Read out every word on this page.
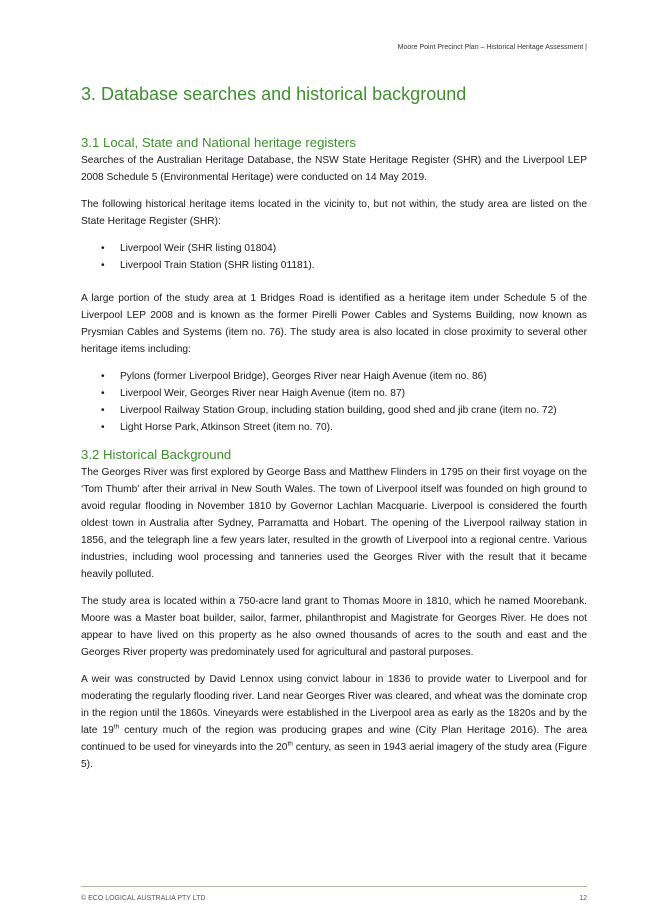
Moore Point Precinct Plan – Historical Heritage Assessment |
3. Database searches and historical background
3.1 Local, State and National heritage registers

Searches of the Australian Heritage Database, the NSW State Heritage Register (SHR) and the Liverpool LEP 2008 Schedule 5 (Environmental Heritage) were conducted on 14 May 2019.

The following historical heritage items located in the vicinity to, but not within, the study area are listed on the State Heritage Register (SHR):

• Liverpool Weir (SHR listing 01804)
• Liverpool Train Station (SHR listing 01181).

A large portion of the study area at 1 Bridges Road is identified as a heritage item under Schedule 5 of the Liverpool LEP 2008 and is known as the former Pirelli Power Cables and Systems Building, now known as Prysmian Cables and Systems (item no. 76). The study area is also located in close proximity to several other heritage items including:

• Pylons (former Liverpool Bridge), Georges River near Haigh Avenue (item no. 86)
• Liverpool Weir, Georges River near Haigh Avenue (item no. 87)
• Liverpool Railway Station Group, including station building, good shed and jib crane (item no. 72)
• Light Horse Park, Atkinson Street (item no. 70).
3.2 Historical Background

The Georges River was first explored by George Bass and Matthew Flinders in 1795 on their first voyage on the ‘Tom Thumb’ after their arrival in New South Wales. The town of Liverpool itself was founded on high ground to avoid regular flooding in November 1810 by Governor Lachlan Macquarie. Liverpool is considered the fourth oldest town in Australia after Sydney, Parramatta and Hobart. The opening of the Liverpool railway station in 1856, and the telegraph line a few years later, resulted in the growth of Liverpool into a regional centre. Various industries, including wool processing and tanneries used the Georges River with the result that it became heavily polluted.

The study area is located within a 750-acre land grant to Thomas Moore in 1810, which he named Moorebank. Moore was a Master boat builder, sailor, farmer, philanthropist and Magistrate for Georges River. He does not appear to have lived on this property as he also owned thousands of acres to the south and east and the Georges River property was predominately used for agricultural and pastoral purposes.

A weir was constructed by David Lennox using convict labour in 1836 to provide water to Liverpool and for moderating the regularly flooding river. Land near Georges River was cleared, and wheat was the dominate crop in the region until the 1860s. Vineyards were established in the Liverpool area as early as the 1820s and by the late 19th century much of the region was producing grapes and wine (City Plan Heritage 2016). The area continued to be used for vineyards into the 20th century, as seen in 1943 aerial imagery of the study area (Figure 5).

© ECO LOGICAL AUSTRALIA PTY LTD	12
